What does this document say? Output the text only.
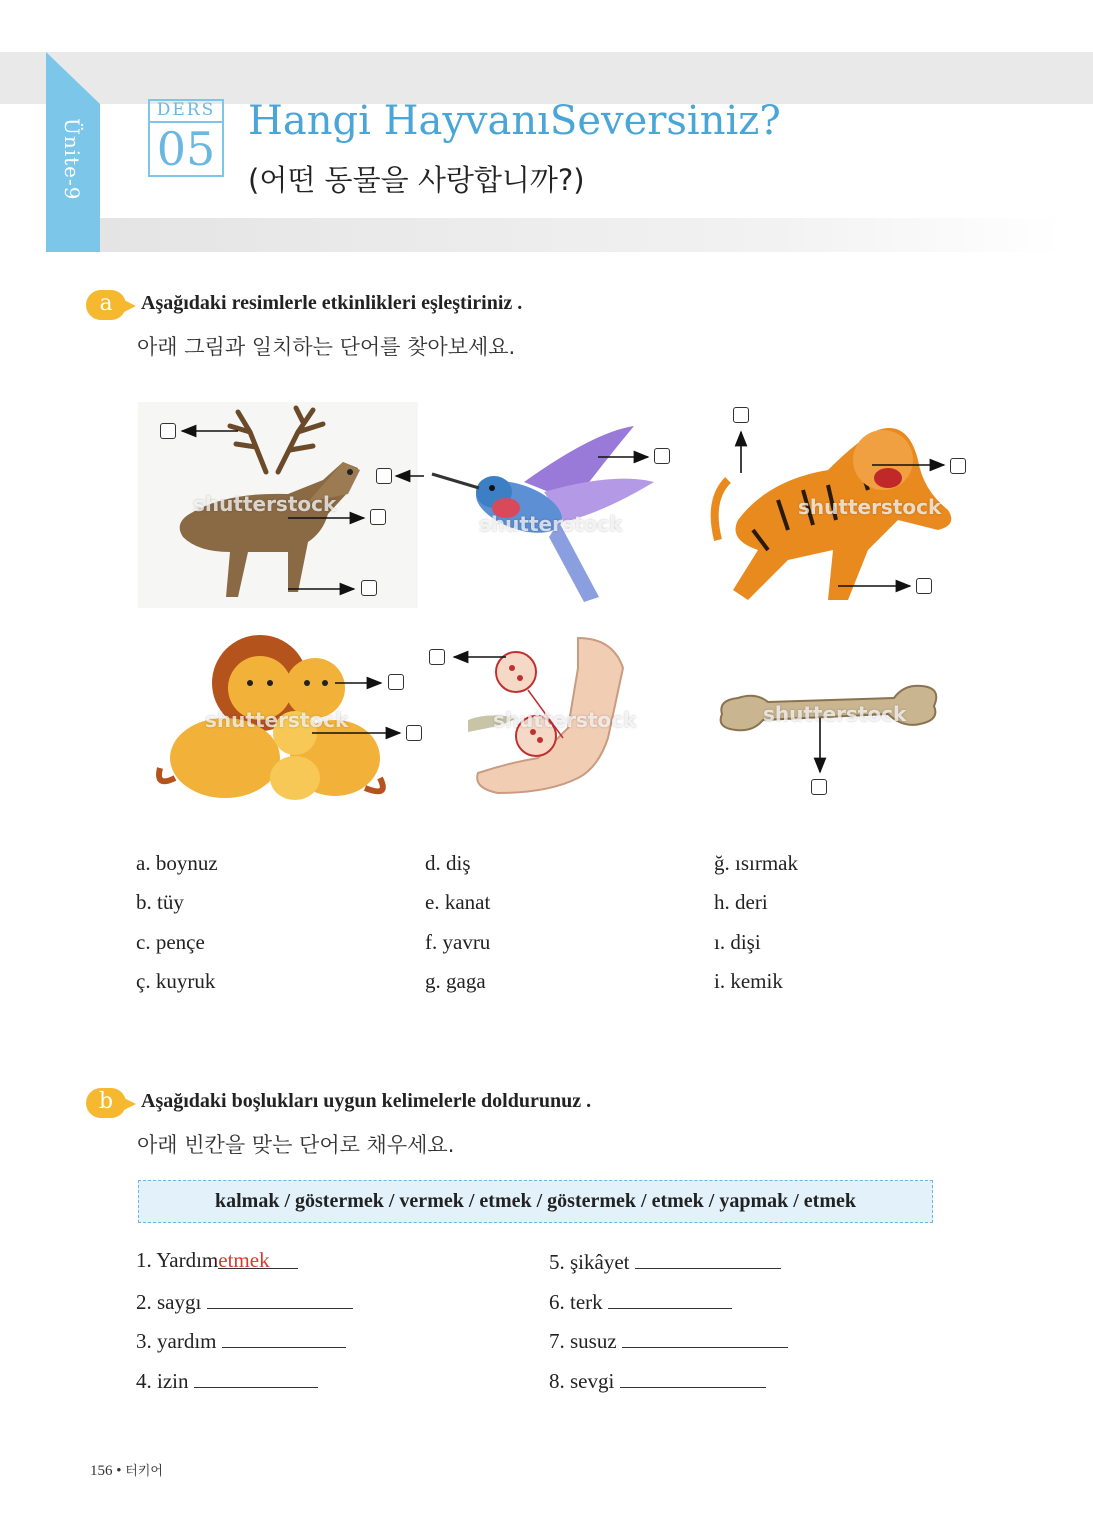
Ünite-9
DERS
05
Hangi HayvanıSeversiniz?
(어떤 동물을 사랑합니까?)
a	Aşağıdaki resimlerle etkinlikleri eşleştiriniz .
아래 그림과 일치하는 단어를 찾아보세요.
shutterstock
shutterstock
shutterstock
shutterstock	shutterstock	shutterstock
a. boynuz
b. tüy
c. pençe
ç. kuyruk
d. diş
e. kanat
f. yavru
g. gaga
ğ. ısırmak
h. deri
ı. dişi
i. kemik
b	Aşağıdaki boşlukları uygun kelimelerle doldurunuz .
아래 빈칸을 맞는 단어로 채우세요.
kalmak / göstermek / vermek / etmek / göstermek / etmek / yapmak / etmek
1. Yardımetmek
2. saygı
3. yardım
4. izin
5. şikâyet
6. terk
7. susuz
8. sevgi
156 • 터키어
